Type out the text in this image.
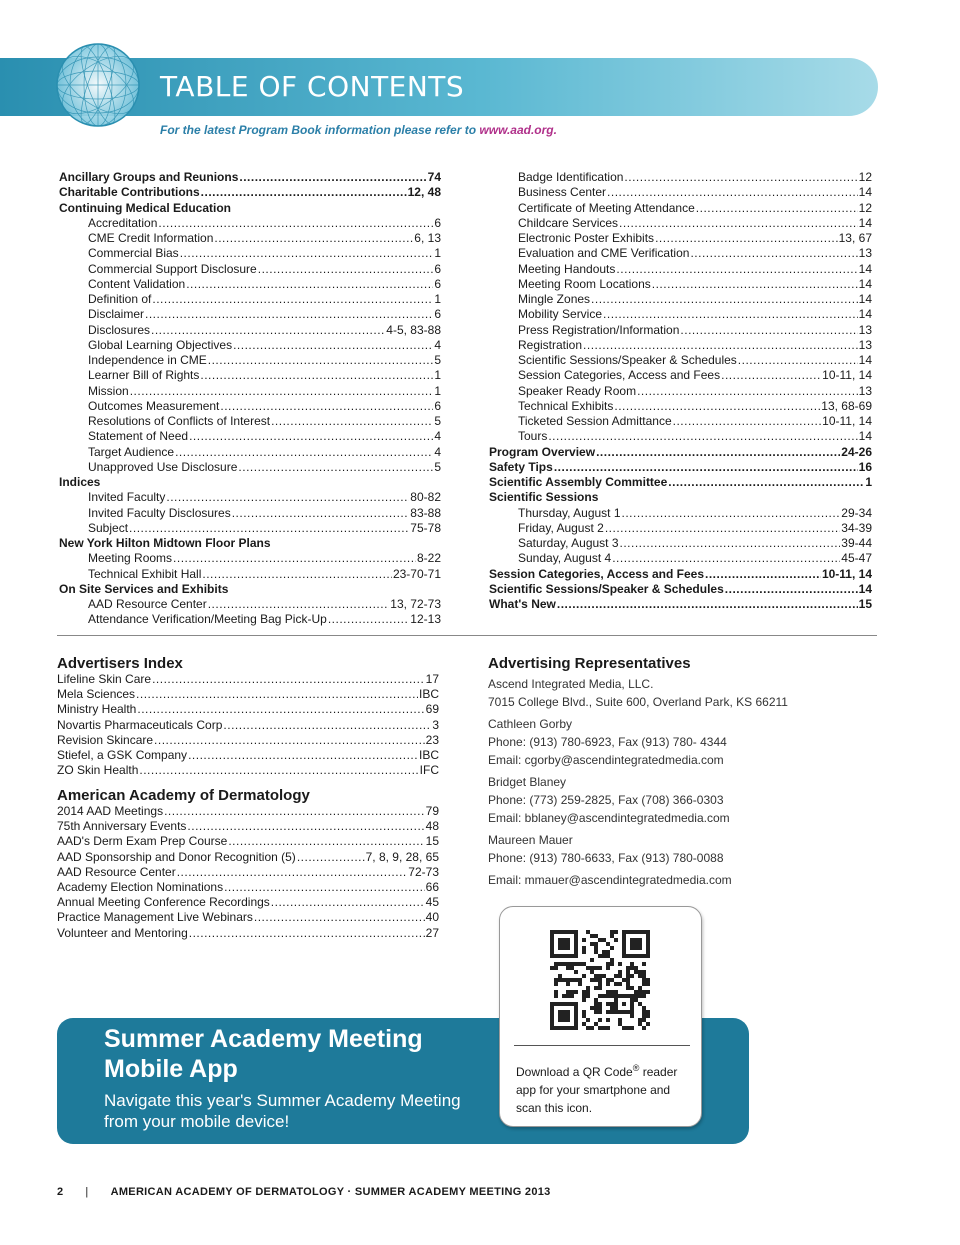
TABLE OF CONTENTS
For the latest Program Book information please refer to www.aad.org.
Ancillary Groups and Reunions .....	74
Charitable Contributions .....	12, 48
Continuing Medical Education
Accreditation .....	6
CME Credit Information .....	6, 13
Commercial Bias .....	1
Commercial Support Disclosure .....	6
Content Validation .....	6
Definition of .....	1
Disclaimer .....	6
Disclosures .....	4-5, 83-88
Global Learning Objectives .....	4
Independence in CME .....	5
Learner Bill of Rights .....	1
Mission .....	1
Outcomes Measurement .....	6
Resolutions of Conflicts of Interest .....	5
Statement of Need .....	4
Target Audience .....	4
Unapproved Use Disclosure .....	5
Indices
Invited Faculty .....	80-82
Invited Faculty Disclosures .....	83-88
Subject .....	75-78
New York Hilton Midtown Floor Plans
Meeting Rooms .....	8-22
Technical Exhibit Hall .....	23-70-71
On Site Services and Exhibits
AAD Resource Center .....	13, 72-73
Attendance Verification/Meeting Bag Pick-Up .....	12-13
Badge Identification .....	12
Business Center .....	14
Certificate of Meeting Attendance .....	12
Childcare Services .....	14
Electronic Poster Exhibits .....	13, 67
Evaluation and CME Verification .....	13
Meeting Handouts .....	14
Meeting Room Locations .....	14
Mingle Zones .....	14
Mobility Service .....	14
Press Registration/Information .....	13
Registration .....	13
Scientific Sessions/Speaker & Schedules .....	14
Session Categories, Access and Fees .....	10-11, 14
Speaker Ready Room .....	13
Technical Exhibits .....	13, 68-69
Ticketed Session Admittance .....	10-11, 14
Tours .....	14
Program Overview .....	24-26
Safety Tips .....	16
Scientific Assembly Committee .....	1
Scientific Sessions
Thursday, August 1 .....	29-34
Friday, August 2 .....	34-39
Saturday, August 3 .....	39-44
Sunday, August 4 .....	45-47
Session Categories, Access and Fees .....	10-11, 14
Scientific Sessions/Speaker & Schedules .....	14
What's New .....	15
Advertisers Index
Lifeline Skin Care .....	17
Mela Sciences .....	IBC
Ministry Health .....	69
Novartis Pharmaceuticals Corp .....	3
Revision Skincare .....	23
Stiefel, a GSK Company .....	IBC
ZO Skin Health .....	IFC
American Academy of Dermatology
2014 AAD Meetings .....	79
75th Anniversary Events .....	48
AAD's Derm Exam Prep Course .....	15
AAD Sponsorship and Donor Recognition (5) .....	7, 8, 9, 28, 65
AAD Resource Center .....	72-73
Academy Election Nominations .....	66
Annual Meeting Conference Recordings .....	45
Practice Management Live Webinars .....	40
Volunteer and Mentoring .....	27
Advertising Representatives
Ascend Integrated Media, LLC.
7015 College Blvd., Suite 600, Overland Park, KS 66211
Cathleen Gorby
Phone: (913) 780-6923, Fax (913) 780- 4344
Email: cgorby@ascendintegratedmedia.com
Bridget Blaney
Phone: (773) 259-2825, Fax (708) 366-0303
Email: bblaney@ascendintegratedmedia.com
Maureen Mauer
Phone: (913) 780-6633, Fax (913) 780-0088
Email: mmauer@ascendintegratedmedia.com
Summer Academy Meeting
Mobile App
Navigate this year's Summer Academy Meeting
from your mobile device!
Download a QR Code® reader app for your smartphone and scan this icon.
2 | AMERICAN ACADEMY OF DERMATOLOGY · SUMMER ACADEMY MEETING 2013
